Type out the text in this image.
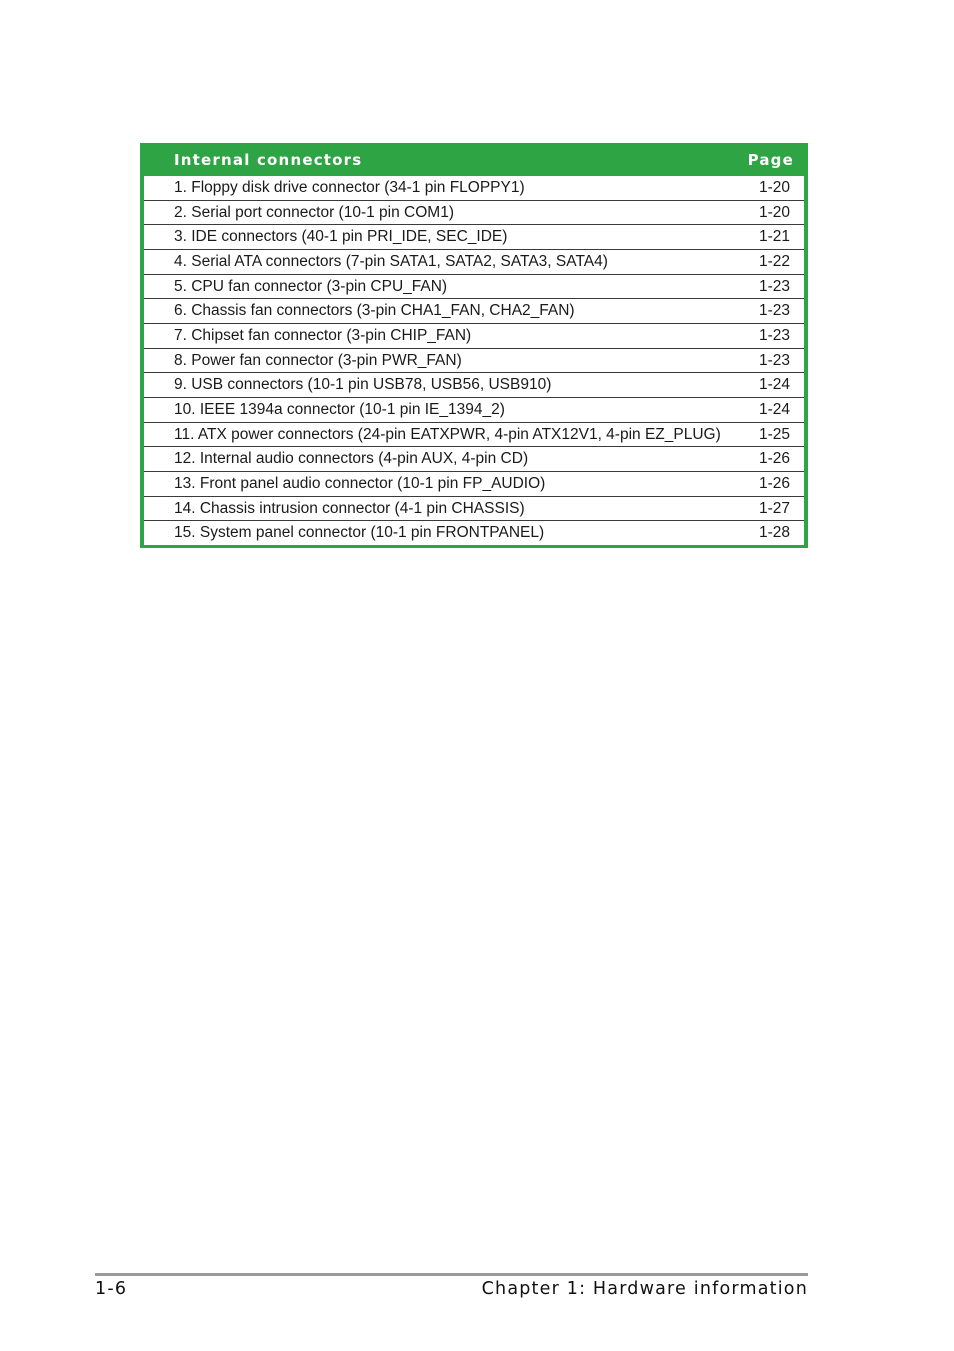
Internal connectors	Page
1. Floppy disk drive connector (34-1 pin FLOPPY1)	1-20
2. Serial port connector (10-1 pin COM1)	1-20
3. IDE connectors (40-1 pin PRI_IDE, SEC_IDE)	1-21
4. Serial ATA connectors (7-pin SATA1, SATA2, SATA3, SATA4)	1-22
5. CPU fan connector (3-pin CPU_FAN)	1-23
6. Chassis fan connectors (3-pin CHA1_FAN, CHA2_FAN)	1-23
7. Chipset fan connector (3-pin CHIP_FAN)	1-23
8. Power fan connector (3-pin PWR_FAN)	1-23
9. USB connectors (10-1 pin USB78, USB56, USB910)	1-24
10. IEEE 1394a connector (10-1 pin IE_1394_2)	1-24
11. ATX power connectors (24-pin EATXPWR, 4-pin ATX12V1, 4-pin EZ_PLUG)	1-25
12. Internal audio connectors (4-pin AUX, 4-pin CD)	1-26
13. Front panel audio connector (10-1 pin FP_AUDIO)	1-26
14. Chassis intrusion connector (4-1 pin CHASSIS)	1-27
15. System panel connector (10-1 pin FRONTPANEL)	1-28
1-6	Chapter 1: Hardware information
